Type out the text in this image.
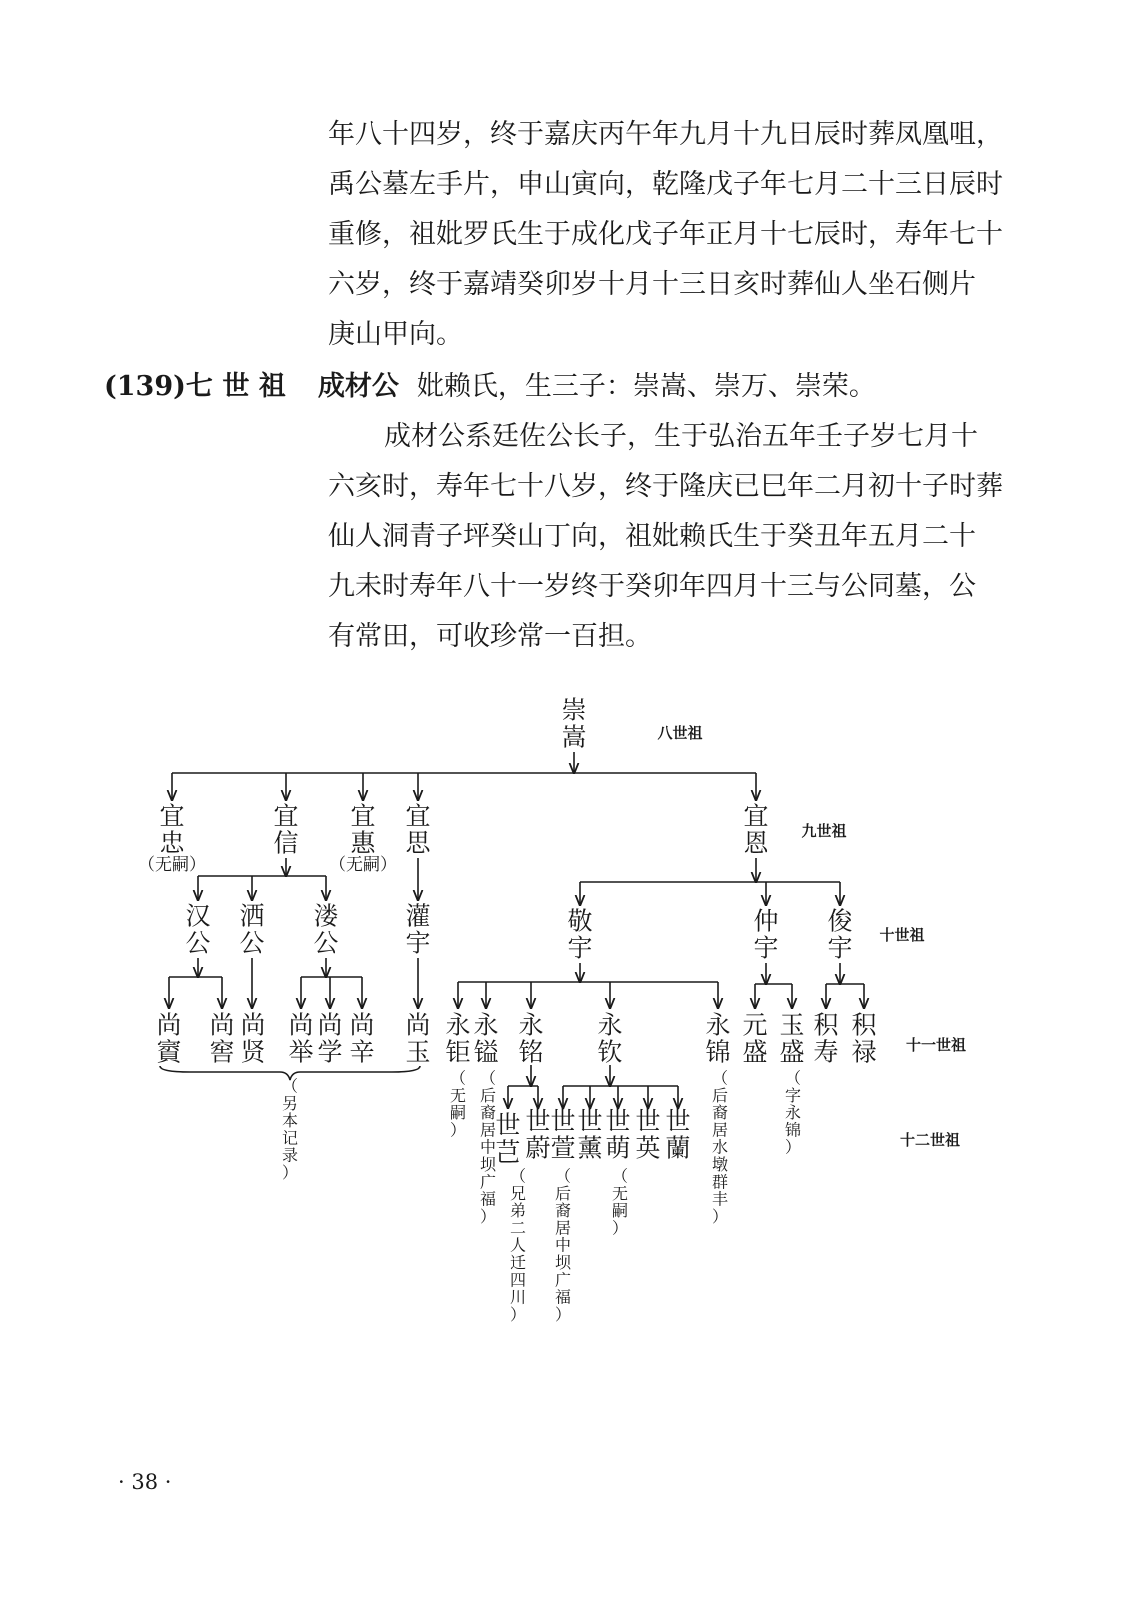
年八十四岁，终于嘉庆丙午年九月十九日辰时葬凤凰咀，
禹公墓左手片，申山寅向，乾隆戊子年七月二十三日辰时
重修，祖妣罗氏生于成化戊子年正月十七辰时，寿年七十
六岁，终于嘉靖癸卯岁十月十三日亥时葬仙人坐石侧片
庚山甲向。
(139)七 世 祖 成材公 妣赖氏，生三子：崇嵩、崇万、崇荣。
成材公系廷佐公长子，生于弘治五年壬子岁七月十
六亥时，寿年七十八岁，终于隆庆已巳年二月初十子时葬
仙人洞青子坪癸山丁向，祖妣赖氏生于癸丑年五月二十
九未时寿年八十一岁终于癸卯年四月十三与公同墓，公
有常田，可收珍常一百担。
八世祖
九世祖
十世祖
十一世祖
十二世祖
崇
嵩
宜
忠
宜
信
宜
惠
宜
思
宜
恩
（无嗣）	（无嗣）
汉
公
洒
公
溇
公
灌
宇
敬
宇
仲
宇
俊
宇
尚
賨
尚
窖
尚
贤
尚
举
尚
学
尚
辛
尚
玉
永
钜
永
镒
永
铭
永
钦
永
锦
元
盛
玉
盛
积
寿
积
禄
（
无
嗣
）
（
后
裔
居
中
坝
广
福
）
（
后
裔
居
水
墩
群
丰
）
（
字
永
锦
）
（
另
本
记
录
）
世
芑
世
蔚
世
萱
世
薰
世
萌
世
英
世
蘭
（
兄
弟
二
人
迁
四
川
）
（
后
裔
居
中
坝
广
福
）
（
无
嗣
）
· 38 ·
